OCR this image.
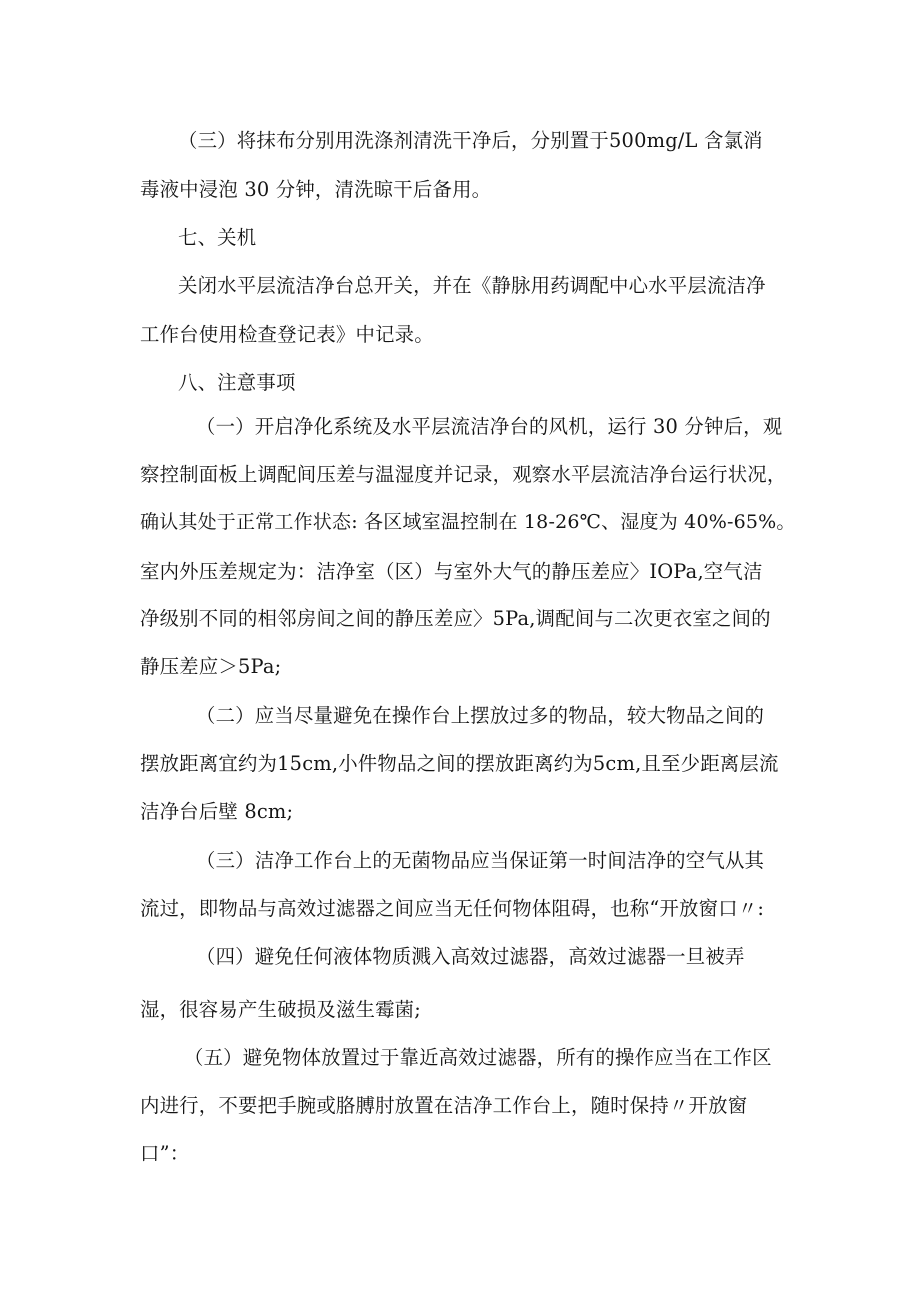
（三）将抹布分别用洗涤剂清洗干净后，分别置于500mg/L 含氯消
毒液中浸泡 30 分钟，清洗晾干后备用。
七、关机
关闭水平层流洁净台总开关，并在《静脉用药调配中心水平层流洁净
工作台使用检查登记表》中记录。
八、注意事项
（一）开启净化系统及水平层流洁净台的风机，运行 30 分钟后，观
察控制面板上调配间压差与温湿度并记录，观察水平层流洁净台运行状况，
确认其处于正常工作状态: 各区域室温控制在 18-26℃、湿度为 40%-65%。
室内外压差规定为：洁净室（区）与室外大气的静压差应〉IOPa,空气洁
净级别不同的相邻房间之间的静压差应〉5Pa,调配间与二次更衣室之间的
静压差应＞5Pa;
（二）应当尽量避免在操作台上摆放过多的物品，较大物品之间的
摆放距离宜约为15cm,小件物品之间的摆放距离约为5cm,且至少距离层流
洁净台后壁 8cm;
（三）洁净工作台上的无菌物品应当保证第一时间洁净的空气从其
流过，即物品与高效过滤器之间应当无任何物体阻碍，也称“开放窗口〃:
（四）避免任何液体物质溅入高效过滤器，高效过滤器一旦被弄
湿，很容易产生破损及滋生霉菌;
（五）避免物体放置过于靠近高效过滤器，所有的操作应当在工作区
内进行，不要把手腕或胳膊肘放置在洁净工作台上，随时保持〃开放窗
口”：
